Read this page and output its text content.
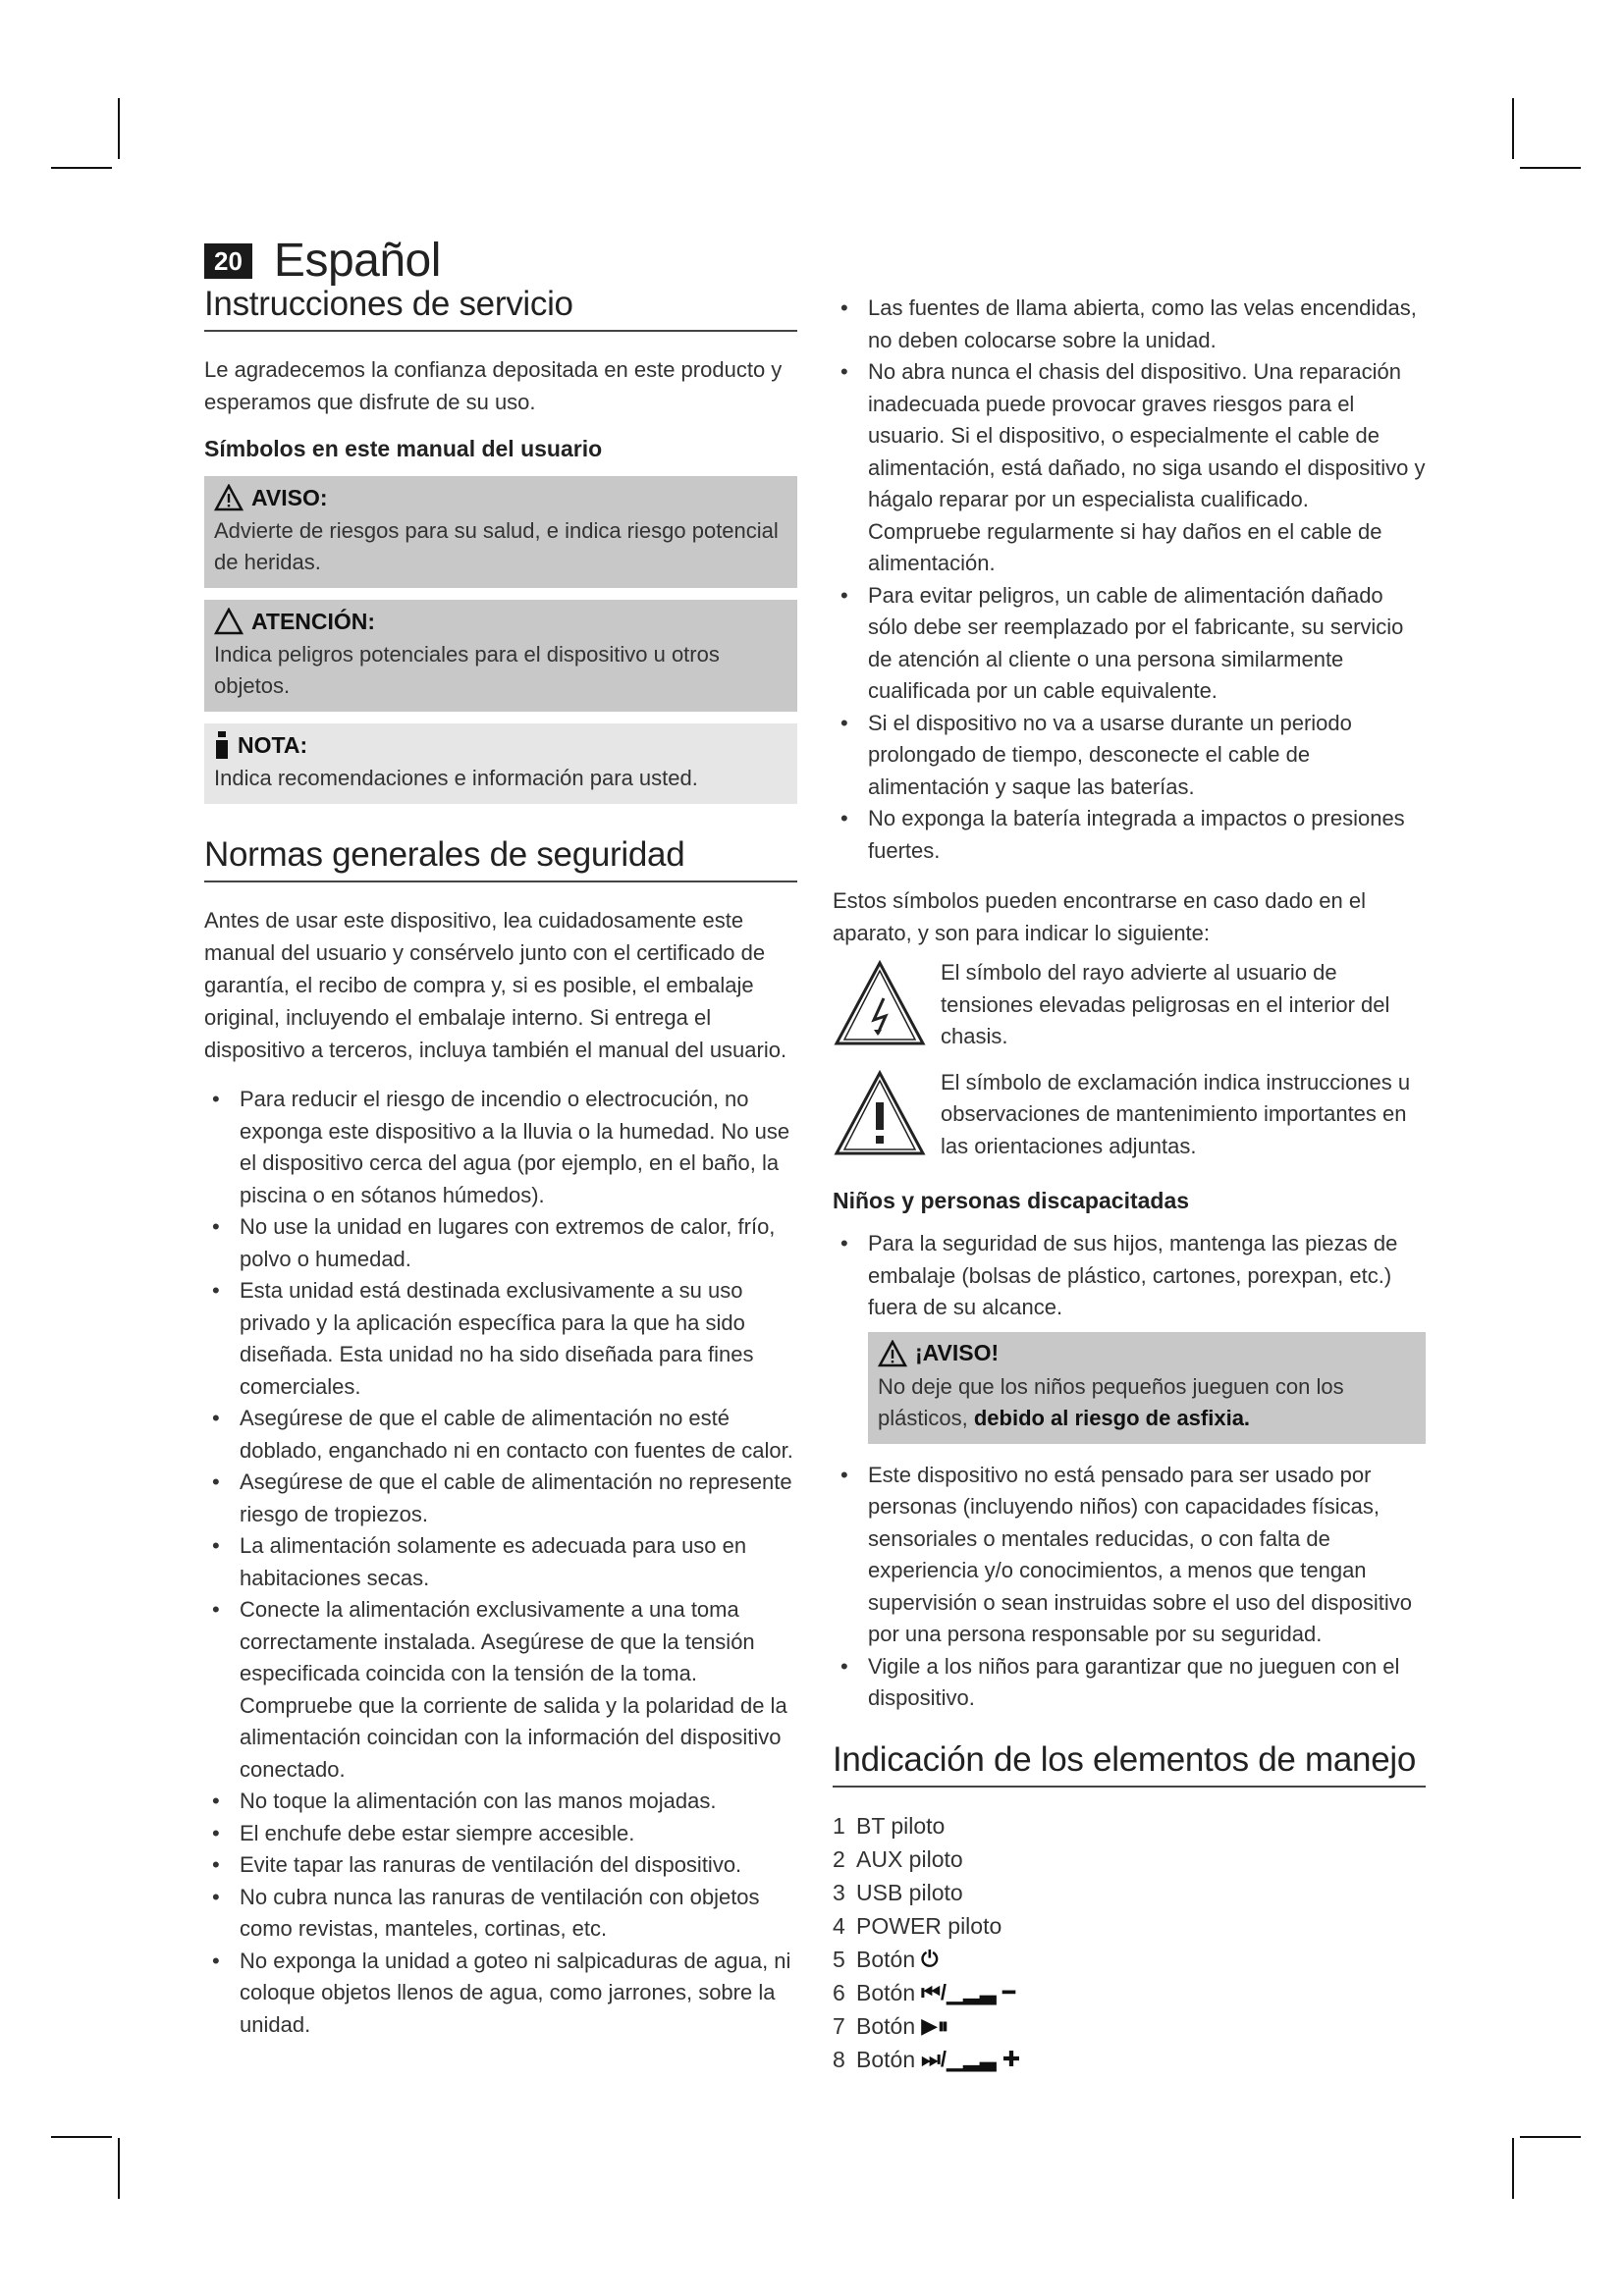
20 Español
Instrucciones de servicio

Le agradecemos la confianza depositada en este producto y esperamos que disfrute de su uso.

Símbolos en este manual del usuario
AVISO:
Advierte de riesgos para su salud, e indica riesgo potencial de heridas.
ATENCIÓN:
Indica peligros potenciales para el dispositivo u otros objetos.
NOTA:
Indica recomendaciones e información para usted.
Normas generales de seguridad

Antes de usar este dispositivo, lea cuidadosamente este manual del usuario y consérvelo junto con el certificado de garantía, el recibo de compra y, si es posible, el embalaje original, incluyendo el embalaje interno. Si entrega el dispositivo a terceros, incluya también el manual del usuario.

• Para reducir el riesgo de incendio o electrocución, no exponga este dispositivo a la lluvia o la humedad. No use el dispositivo cerca del agua (por ejemplo, en el baño, la piscina o en sótanos húmedos).
• No use la unidad en lugares con extremos de calor, frío, polvo o humedad.
• Esta unidad está destinada exclusivamente a su uso privado y la aplicación específica para la que ha sido diseñada. Esta unidad no ha sido diseñada para fines comerciales.
• Asegúrese de que el cable de alimentación no esté doblado, enganchado ni en contacto con fuentes de calor.
• Asegúrese de que el cable de alimentación no represente riesgo de tropiezos.
• La alimentación solamente es adecuada para uso en habitaciones secas.
• Conecte la alimentación exclusivamente a una toma correctamente instalada. Asegúrese de que la tensión especificada coincida con la tensión de la toma. Compruebe que la corriente de salida y la polaridad de la alimentación coincidan con la información del dispositivo conectado.
• No toque la alimentación con las manos mojadas.
• El enchufe debe estar siempre accesible.
• Evite tapar las ranuras de ventilación del dispositivo.
• No cubra nunca las ranuras de ventilación con objetos como revistas, manteles, cortinas, etc.
• No exponga la unidad a goteo ni salpicaduras de agua, ni coloque objetos llenos de agua, como jarrones, sobre la unidad.
• Las fuentes de llama abierta, como las velas encendidas, no deben colocarse sobre la unidad.
• No abra nunca el chasis del dispositivo. Una reparación inadecuada puede provocar graves riesgos para el usuario. Si el dispositivo, o especialmente el cable de alimentación, está dañado, no siga usando el dispositivo y hágalo reparar por un especialista cualificado. Compruebe regularmente si hay daños en el cable de alimentación.
• Para evitar peligros, un cable de alimentación dañado sólo debe ser reemplazado por el fabricante, su servicio de atención al cliente o una persona similarmente cualificada por un cable equivalente.
• Si el dispositivo no va a usarse durante un periodo prolongado de tiempo, desconecte el cable de alimentación y saque las baterías.
• No exponga la batería integrada a impactos o presiones fuertes.

Estos símbolos pueden encontrarse en caso dado en el aparato, y son para indicar lo siguiente:

El símbolo del rayo advierte al usuario de tensiones elevadas peligrosas en el interior del chasis.
El símbolo de exclamación indica instrucciones u observaciones de mantenimiento importantes en las orientaciones adjuntas.
Niños y personas discapacitadas
• Para la seguridad de sus hijos, mantenga las piezas de embalaje (bolsas de plástico, cartones, porexpan, etc.) fuera de su alcance.
¡AVISO!
No deje que los niños pequeños jueguen con los plásticos, debido al riesgo de asfixia.
• Este dispositivo no está pensado para ser usado por personas (incluyendo niños) con capacidades físicas, sensoriales o mentales reducidas, o con falta de experiencia y/o conocimientos, a menos que tengan supervisión o sean instruidas sobre el uso del dispositivo por una persona responsable por su seguridad.
• Vigile a los niños para garantizar que no jueguen con el dispositivo.
Indicación de los elementos de manejo
1 BT piloto
2 AUX piloto
3 USB piloto
4 POWER piloto
5 Botón ⏻
6 Botón ⏮/▁▂▃ ━
7 Botón ▶⏸
8 Botón ⏭/▁▂▃ ✚
